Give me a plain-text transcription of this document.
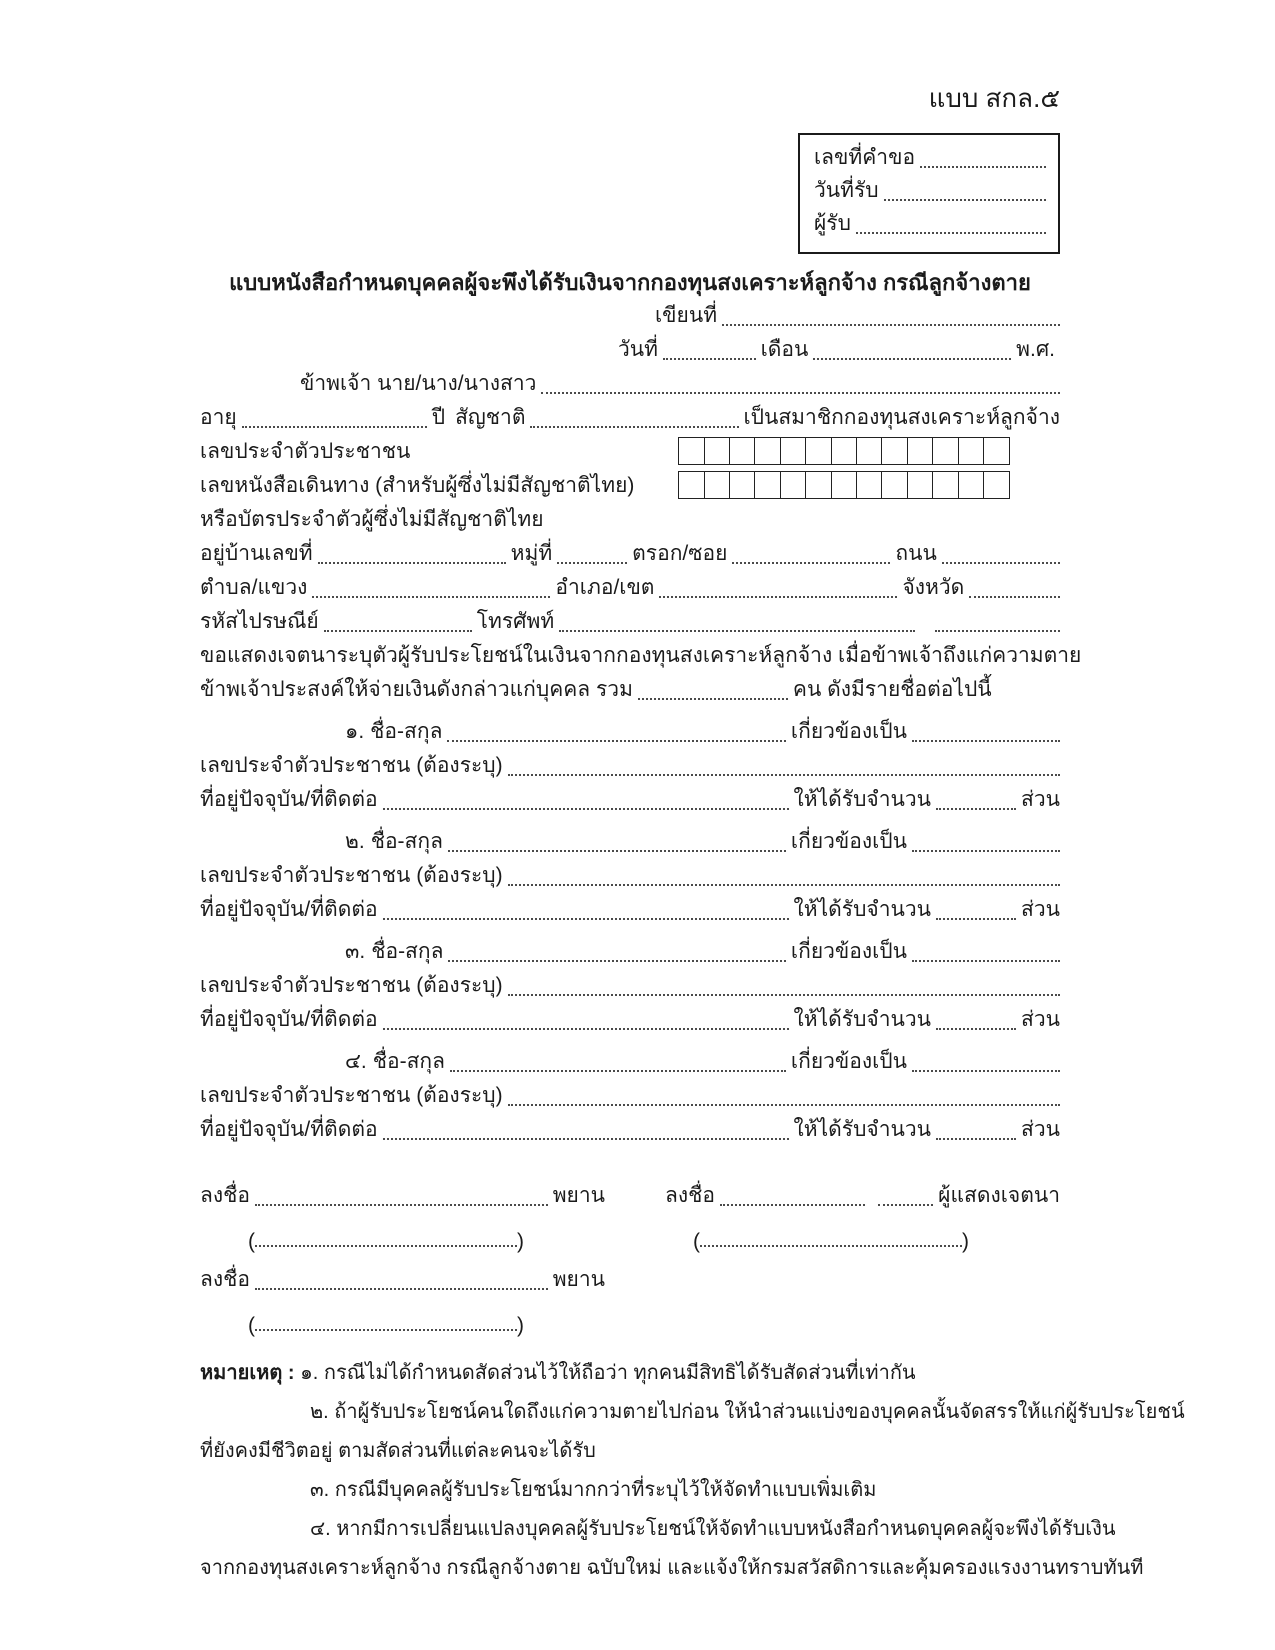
แบบ สกล.๕
เลขที่คำขอ
วันที่รับ
ผู้รับ
แบบหนังสือกำหนดบุคคลผู้จะพึงได้รับเงินจากกองทุนสงเคราะห์ลูกจ้าง กรณีลูกจ้างตาย
เขียนที่
วันที่	เดือน	พ.ศ.
ข้าพเจ้า นาย/นาง/นางสาว
อายุ	ปี สัญชาติ	เป็นสมาชิกกองทุนสงเคราะห์ลูกจ้าง
เลขประจำตัวประชาชน
เลขหนังสือเดินทาง (สำหรับผู้ซึ่งไม่มีสัญชาติไทย)
หรือบัตรประจำตัวผู้ซึ่งไม่มีสัญชาติไทย
อยู่บ้านเลขที่	หมู่ที่	ตรอก/ซอย	ถนน
ตำบล/แขวง	อำเภอ/เขต	จังหวัด
รหัสไปรษณีย์	โทรศัพท์
ขอแสดงเจตนาระบุตัวผู้รับประโยชน์ในเงินจากกองทุนสงเคราะห์ลูกจ้าง เมื่อข้าพเจ้าถึงแก่ความตาย
ข้าพเจ้าประสงค์ให้จ่ายเงินดังกล่าวแก่บุคคล รวม	คน ดังมีรายชื่อต่อไปนี้
๑. ชื่อ-สกุล	เกี่ยวข้องเป็น
เลขประจำตัวประชาชน (ต้องระบุ)
ที่อยู่ปัจจุบัน/ที่ติดต่อ	ให้ได้รับจำนวน	ส่วน
๒. ชื่อ-สกุล	เกี่ยวข้องเป็น
เลขประจำตัวประชาชน (ต้องระบุ)
ที่อยู่ปัจจุบัน/ที่ติดต่อ	ให้ได้รับจำนวน	ส่วน
๓. ชื่อ-สกุล	เกี่ยวข้องเป็น
เลขประจำตัวประชาชน (ต้องระบุ)
ที่อยู่ปัจจุบัน/ที่ติดต่อ	ให้ได้รับจำนวน	ส่วน
๔. ชื่อ-สกุล	เกี่ยวข้องเป็น
เลขประจำตัวประชาชน (ต้องระบุ)
ที่อยู่ปัจจุบัน/ที่ติดต่อ	ให้ได้รับจำนวน	ส่วน
ลงชื่อ	พยาน
(	)
ลงชื่อ	พยาน
(	)
ลงชื่อ	ผู้แสดงเจตนา
(	)
หมายเหตุ : ๑. กรณีไม่ได้กำหนดสัดส่วนไว้ให้ถือว่า ทุกคนมีสิทธิได้รับสัดส่วนที่เท่ากัน
๒. ถ้าผู้รับประโยชน์คนใดถึงแก่ความตายไปก่อน ให้นำส่วนแบ่งของบุคคลนั้นจัดสรรให้แก่ผู้รับประโยชน์
ที่ยังคงมีชีวิตอยู่ ตามสัดส่วนที่แต่ละคนจะได้รับ
๓. กรณีมีบุคคลผู้รับประโยชน์มากกว่าที่ระบุไว้ให้จัดทำแบบเพิ่มเติม
๔. หากมีการเปลี่ยนแปลงบุคคลผู้รับประโยชน์ให้จัดทำแบบหนังสือกำหนดบุคคลผู้จะพึงได้รับเงิน
จากกองทุนสงเคราะห์ลูกจ้าง กรณีลูกจ้างตาย ฉบับใหม่ และแจ้งให้กรมสวัสดิการและคุ้มครองแรงงานทราบทันที
